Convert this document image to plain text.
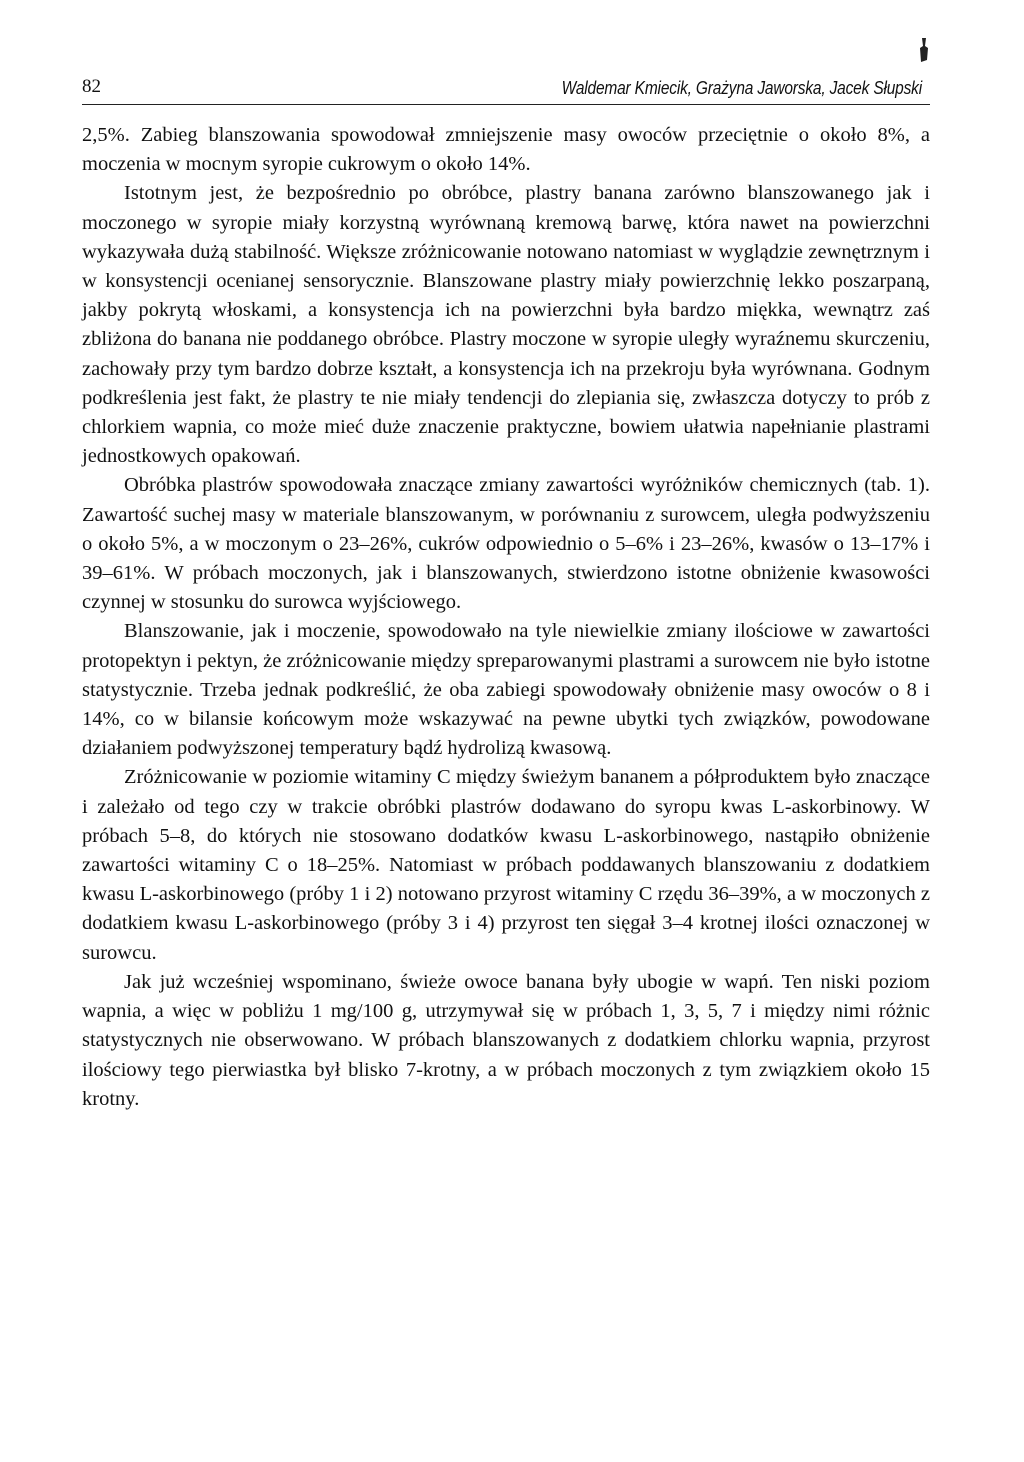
82	Waldemar Kmiecik, Grażyna Jaworska, Jacek Słupski

2,5%. Zabieg blanszowania spowodował zmniejszenie masy owoców przeciętnie o około 8%, a moczenia w mocnym syropie cukrowym o około 14%.

Istotnym jest, że bezpośrednio po obróbce, plastry banana zarówno blanszowanego jak i moczonego w syropie miały korzystną wyrównaną kremową barwę, która nawet na powierzchni wykazywała dużą stabilność. Większe zróżnicowanie notowano natomiast w wyglądzie zewnętrznym i w konsystencji ocenianej sensorycznie. Blanszowane plastry miały powierzchnię lekko poszarpaną, jakby pokrytą włoskami, a konsystencja ich na powierzchni była bardzo miękka, wewnątrz zaś zbliżona do banana nie poddanego obróbce. Plastry moczone w syropie uległy wyraźnemu skurczeniu, zachowały przy tym bardzo dobrze kształt, a konsystencja ich na przekroju była wyrównana. Godnym podkreślenia jest fakt, że plastry te nie miały tendencji do zlepiania się, zwłaszcza dotyczy to prób z chlorkiem wapnia, co może mieć duże znaczenie praktyczne, bowiem ułatwia napełnianie plastrami jednostkowych opakowań.

Obróbka plastrów spowodowała znaczące zmiany zawartości wyróżników chemicznych (tab. 1). Zawartość suchej masy w materiale blanszowanym, w porównaniu z surowcem, uległa podwyższeniu o około 5%, a w moczonym o 23–26%, cukrów odpowiednio o 5–6% i 23–26%, kwasów o 13–17% i 39–61%. W próbach moczonych, jak i blanszowanych, stwierdzono istotne obniżenie kwasowości czynnej w stosunku do surowca wyjściowego.

Blanszowanie, jak i moczenie, spowodowało na tyle niewielkie zmiany ilościowe w zawartości protopektyn i pektyn, że zróżnicowanie między spreparowanymi plastrami a surowcem nie było istotne statystycznie. Trzeba jednak podkreślić, że oba zabiegi spowodowały obniżenie masy owoców o 8 i 14%, co w bilansie końcowym może wskazywać na pewne ubytki tych związków, powodowane działaniem podwyższonej temperatury bądź hydrolizą kwasową.

Zróżnicowanie w poziomie witaminy C między świeżym bananem a półproduktem było znaczące i zależało od tego czy w trakcie obróbki plastrów dodawano do syropu kwas L-askorbinowy. W próbach 5–8, do których nie stosowano dodatków kwasu L-askorbinowego, nastąpiło obniżenie zawartości witaminy C o 18–25%. Natomiast w próbach poddawanych blanszowaniu z dodatkiem kwasu L-askorbinowego (próby 1 i 2) notowano przyrost witaminy C rzędu 36–39%, a w moczonych z dodatkiem kwasu L-askorbinowego (próby 3 i 4) przyrost ten sięgał 3–4 krotnej ilości oznaczonej w surowcu.

Jak już wcześniej wspominano, świeże owoce banana były ubogie w wapń. Ten niski poziom wapnia, a więc w pobliżu 1 mg/100 g, utrzymywał się w próbach 1, 3, 5, 7 i między nimi różnic statystycznych nie obserwowano. W próbach blanszowanych z dodatkiem chlorku wapnia, przyrost ilościowy tego pierwiastka był blisko 7-krotny, a w próbach moczonych z tym związkiem około 15 krotny.
